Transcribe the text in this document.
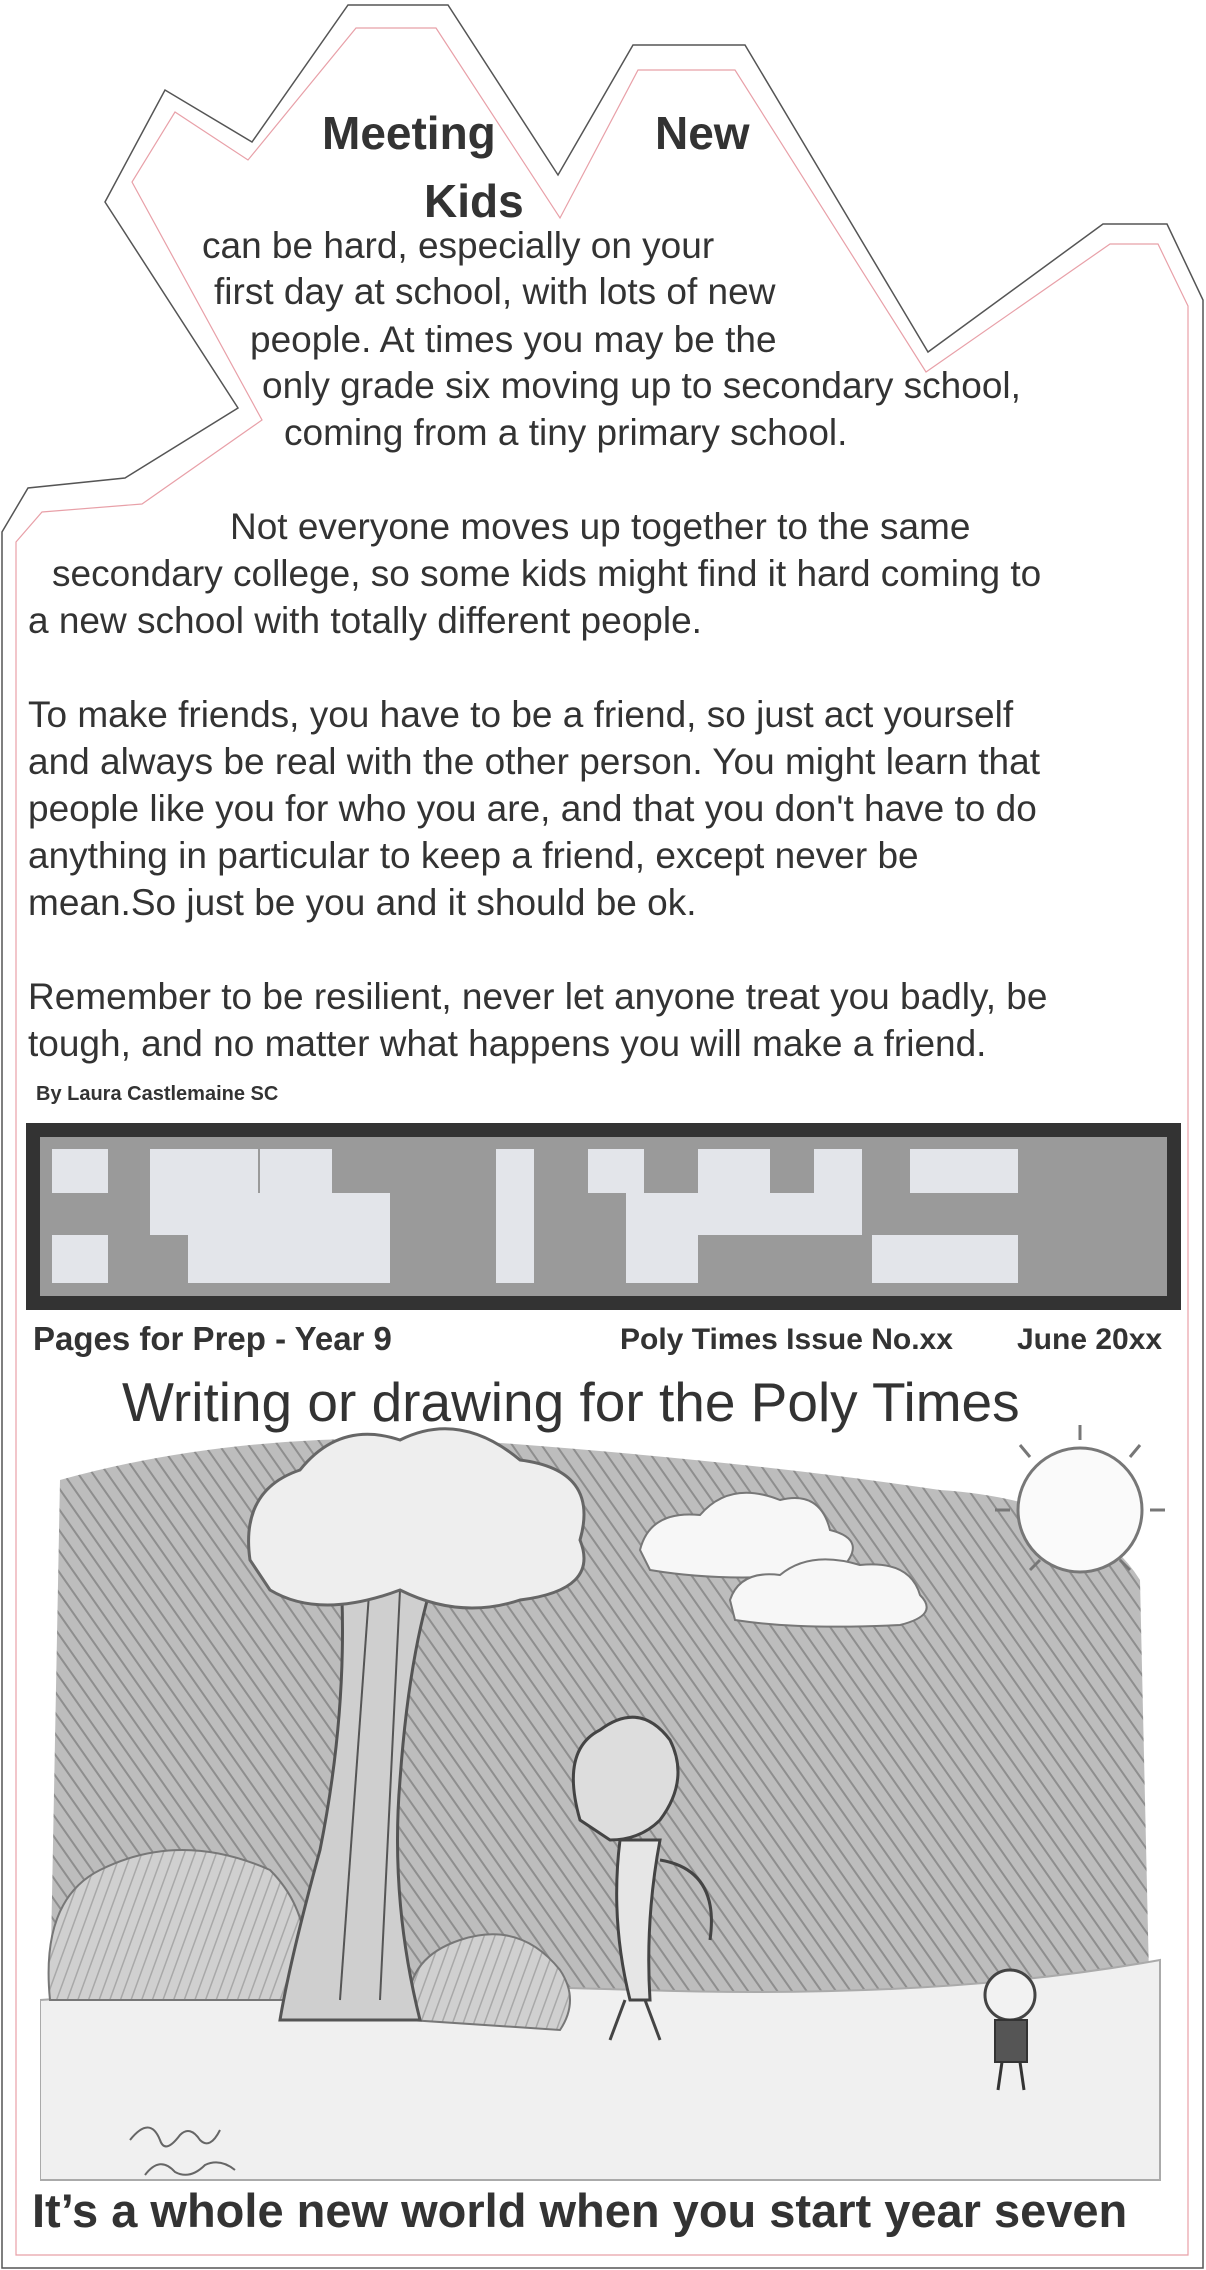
Meeting	New
Kids
can be hard, especially on your
first day at school, with lots of new
people. At times you may be the
only grade six moving up to secondary school,
coming from a tiny primary school.
Not everyone moves up together to the same
secondary college, so some kids might find it hard coming to
a new school with totally different people.
To make friends, you have to be a friend, so just act yourself
and always be real with the other person. You might learn that
people like you for who you are, and that you don't have to do
anything in particular to keep a friend, except never be
mean.So just be you and it should be ok.
Remember to be resilient, never let anyone treat you badly, be
tough, and no matter what happens you will make a friend.
By Laura Castlemaine SC
Pages for Prep - Year 9	Poly Times Issue No.xx June 20xx
Writing or drawing for the Poly Times
It’s a whole new world when you start year seven
